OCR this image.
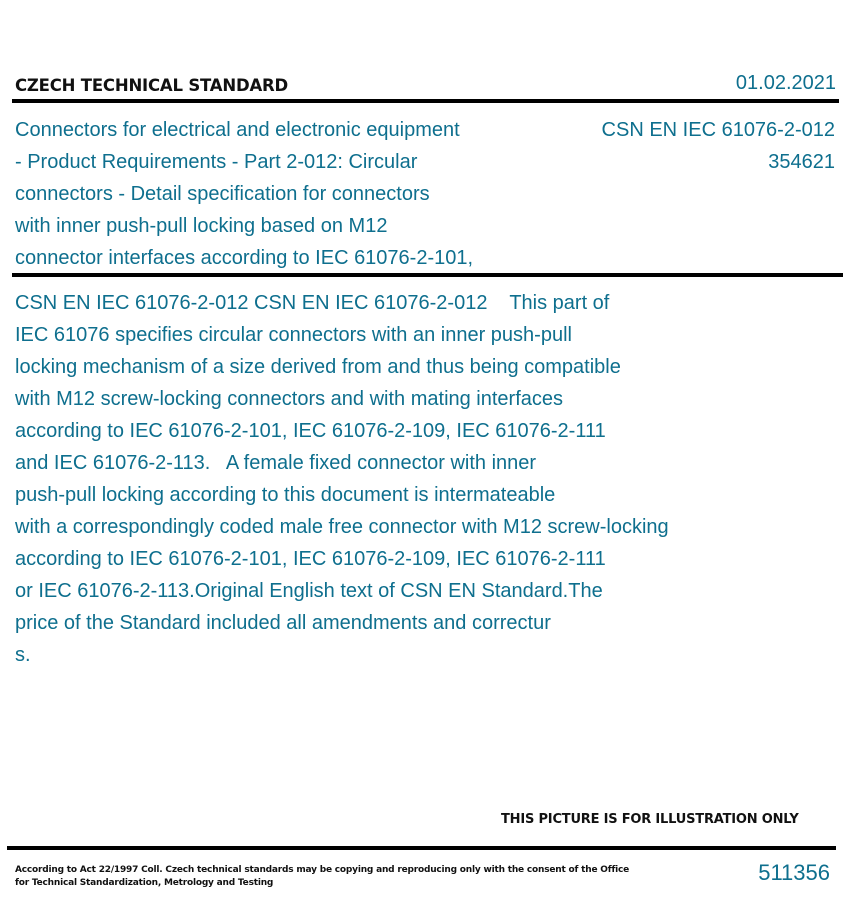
CZECH TECHNICAL STANDARD	01.02.2021
Connectors for electrical and electronic equipment
- Product Requirements - Part 2-012: Circular
connectors - Detail specification for connectors
with inner push-pull locking based on M12
connector interfaces according to IEC 61076-2-101,
CSN EN IEC 61076-2-012
354621
CSN EN IEC 61076-2-012 CSN EN IEC 61076-2-012    This part of
IEC 61076 specifies circular connectors with an inner push-pull
locking mechanism of a size derived from and thus being compatible
with M12 screw-locking connectors and with mating interfaces
according to IEC 61076-2-101, IEC 61076-2-109, IEC 61076-2-111
and IEC 61076-2-113.   A female fixed connector with inner
push-pull locking according to this document is intermateable
with a correspondingly coded male free connector with M12 screw-locking
according to IEC 61076-2-101, IEC 61076-2-109, IEC 61076-2-111
or IEC 61076-2-113.Original English text of CSN EN Standard.The
price of the Standard included all amendments and correctur
s.
THIS PICTURE IS FOR ILLUSTRATION ONLY
According to Act 22/1997 Coll. Czech technical standards may be copying and reproducing only with the consent of the Office
for Technical Standardization, Metrology and Testing	511356
